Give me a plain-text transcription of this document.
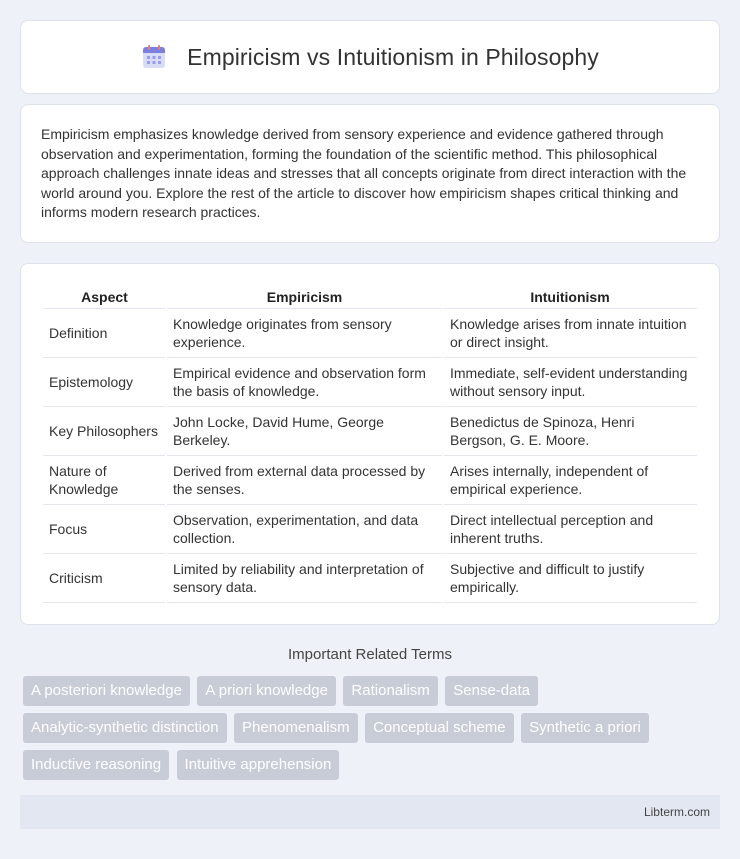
Empiricism vs Intuitionism in Philosophy

Empiricism emphasizes knowledge derived from sensory experience and evidence gathered through observation and experimentation, forming the foundation of the scientific method. This philosophical approach challenges innate ideas and stresses that all concepts originate from direct interaction with the world around you. Explore the rest of the article to discover how empiricism shapes critical thinking and informs modern research practices.

Aspect	Empiricism	Intuitionism
Definition	Knowledge originates from sensory experience.	Knowledge arises from innate intuition or direct insight.
Epistemology	Empirical evidence and observation form the basis of knowledge.	Immediate, self-evident understanding without sensory input.
Key Philosophers	John Locke, David Hume, George Berkeley.	Benedictus de Spinoza, Henri Bergson, G. E. Moore.
Nature of Knowledge	Derived from external data processed by the senses.	Arises internally, independent of empirical experience.
Focus	Observation, experimentation, and data collection.	Direct intellectual perception and inherent truths.
Criticism	Limited by reliability and interpretation of sensory data.	Subjective and difficult to justify empirically.
Important Related Terms
A posteriori knowledge A priori knowledge Rationalism Sense-data
Analytic-synthetic distinction Phenomenalism Conceptual scheme Synthetic a priori
Inductive reasoning Intuitive apprehension
Libterm.com
